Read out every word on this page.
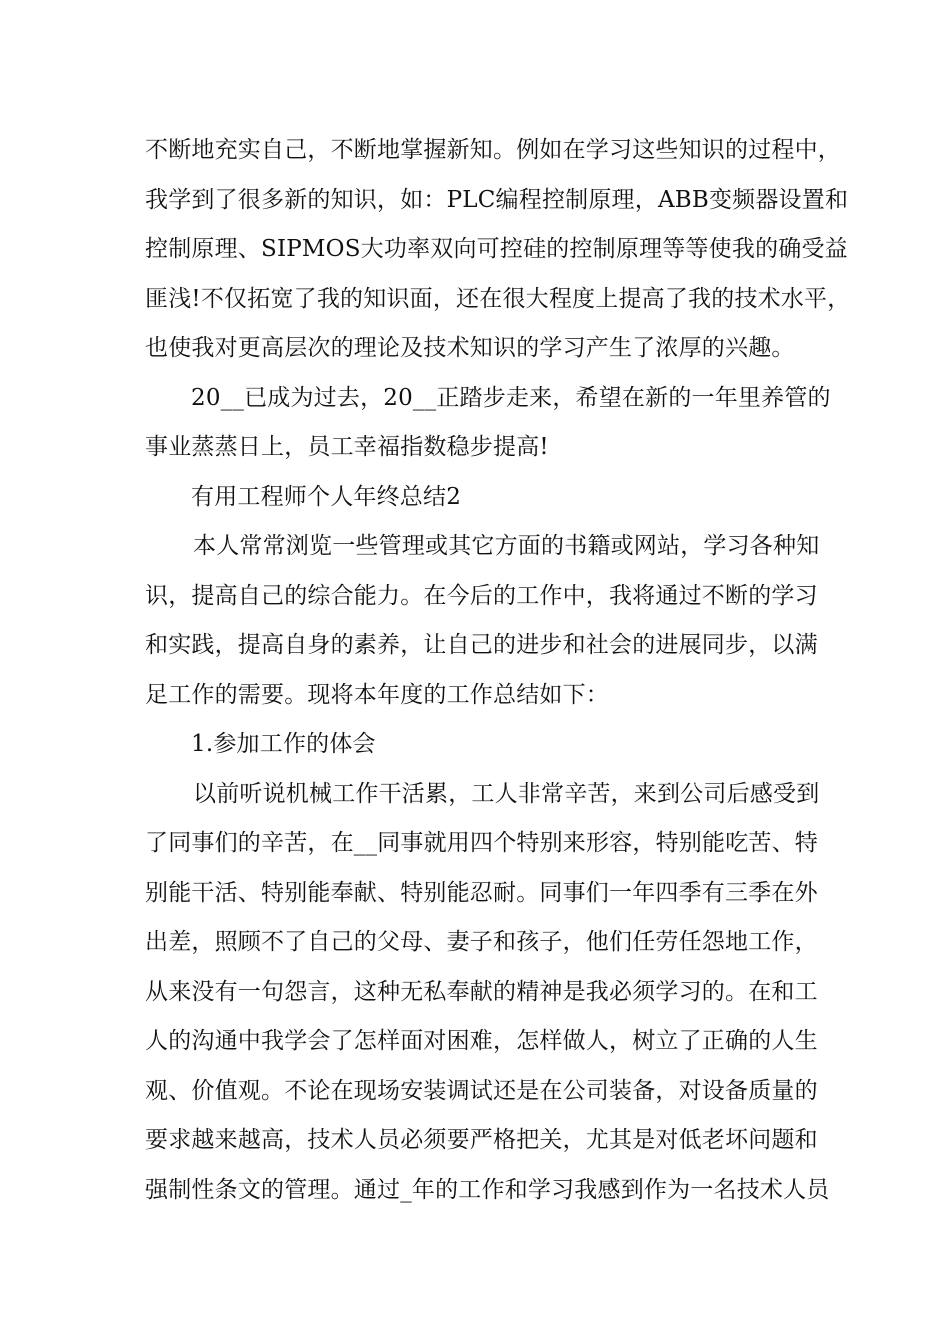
不断地充实自己，不断地掌握新知。例如在学习这些知识的过程中，
我学到了很多新的知识，如：PLC编程控制原理，ABB变频器设置和
控制原理、SIPMOS大功率双向可控硅的控制原理等等使我的确受益
匪浅!不仅拓宽了我的知识面，还在很大程度上提高了我的技术水平，
也使我对更高层次的理论及技术知识的学习产生了浓厚的兴趣。
20__已成为过去，20__正踏步走来，希望在新的一年里养管的
事业蒸蒸日上，员工幸福指数稳步提高!
有用工程师个人年终总结2
本人常常浏览一些管理或其它方面的书籍或网站，学习各种知
识，提高自己的综合能力。在今后的工作中，我将通过不断的学习
和实践，提高自身的素养，让自己的进步和社会的进展同步，以满
足工作的需要。现将本年度的工作总结如下：
1.参加工作的体会
以前听说机械工作干活累，工人非常辛苦，来到公司后感受到
了同事们的辛苦，在__同事就用四个特别来形容，特别能吃苦、特
别能干活、特别能奉献、特别能忍耐。同事们一年四季有三季在外
出差，照顾不了自己的父母、妻子和孩子，他们任劳任怨地工作，
从来没有一句怨言，这种无私奉献的精神是我必须学习的。在和工
人的沟通中我学会了怎样面对困难，怎样做人，树立了正确的人生
观、价值观。不论在现场安装调试还是在公司装备，对设备质量的
要求越来越高，技术人员必须要严格把关，尤其是对低老坏问题和
强制性条文的管理。通过_年的工作和学习我感到作为一名技术人员
